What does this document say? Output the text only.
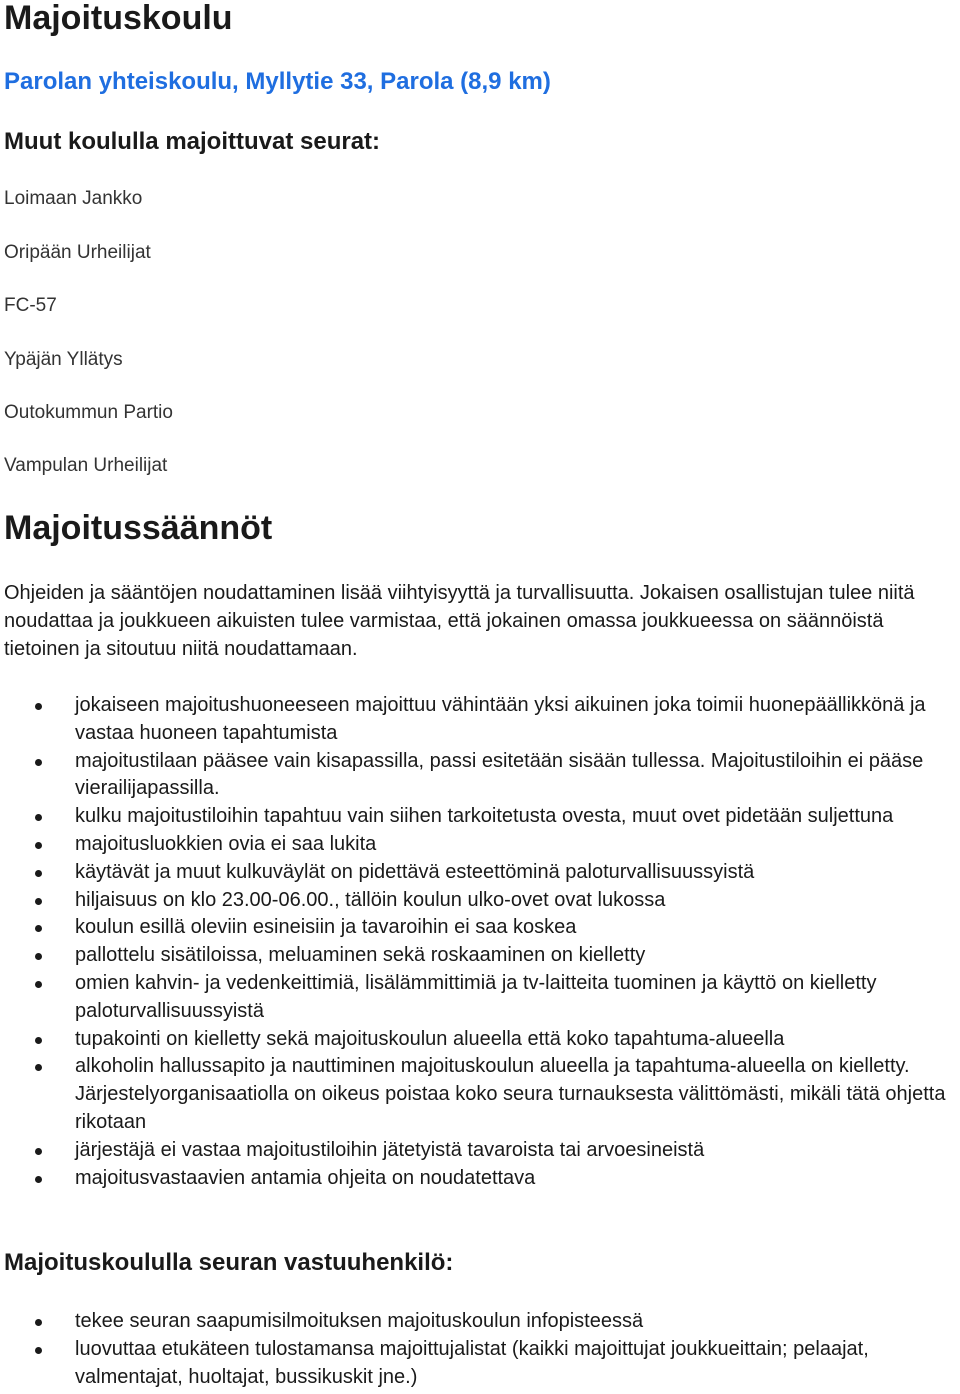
Majoituskoulu
Parolan yhteiskoulu, Myllytie 33, Parola (8,9 km)
Muut koululla majoittuvat seurat:
Loimaan Jankko
Oripään Urheilijat
FC-57
Ypäjän Yllätys
Outokummun Partio
Vampulan Urheilijat
Majoitussäännöt
Ohjeiden ja sääntöjen noudattaminen lisää viihtyisyyttä ja turvallisuutta. Jokaisen osallistujan tulee niitä noudattaa ja joukkueen aikuisten tulee varmistaa, että jokainen omassa joukkueessa on säännöistä tietoinen ja sitoutuu niitä noudattamaan.
jokaiseen majoitushuoneeseen majoittuu vähintään yksi aikuinen joka toimii huonepäällikkönä ja vastaa huoneen tapahtumista
majoitustilaan pääsee vain kisapassilla, passi esitetään sisään tullessa. Majoitustiloihin ei pääse vierailijapassilla.
kulku majoitustiloihin tapahtuu vain siihen tarkoitetusta ovesta, muut ovet pidetään suljettuna
majoitusluokkien ovia ei saa lukita
käytävät ja muut kulkuväylät on pidettävä esteettöminä paloturvallisuussyistä
hiljaisuus on klo 23.00-06.00., tällöin koulun ulko-ovet ovat lukossa
koulun esillä oleviin esineisiin ja tavaroihin ei saa koskea
pallottelu sisätiloissa, meluaminen sekä roskaaminen on kielletty
omien kahvin- ja vedenkeittimiä, lisälämmittimiä ja tv-laitteita tuominen ja käyttö on kielletty paloturvallisuussyistä
tupakointi on kielletty sekä majoituskoulun alueella että koko tapahtuma-alueella
alkoholin hallussapito ja nauttiminen majoituskoulun alueella ja tapahtuma-alueella on kielletty. Järjestelyorganisaatiolla on oikeus poistaa koko seura turnauksesta välittömästi, mikäli tätä ohjetta rikotaan
järjestäjä ei vastaa majoitustiloihin jätetyistä tavaroista tai arvoesineistä
majoitusvastaavien antamia ohjeita on noudatettava
Majoituskoululla seuran vastuuhenkilö:
tekee seuran saapumisilmoituksen majoituskoulun infopisteessä
luovuttaa etukäteen tulostamansa majoittujalistat (kaikki majoittujat joukkueittain; pelaajat, valmentajat, huoltajat, bussikuskit jne.)
